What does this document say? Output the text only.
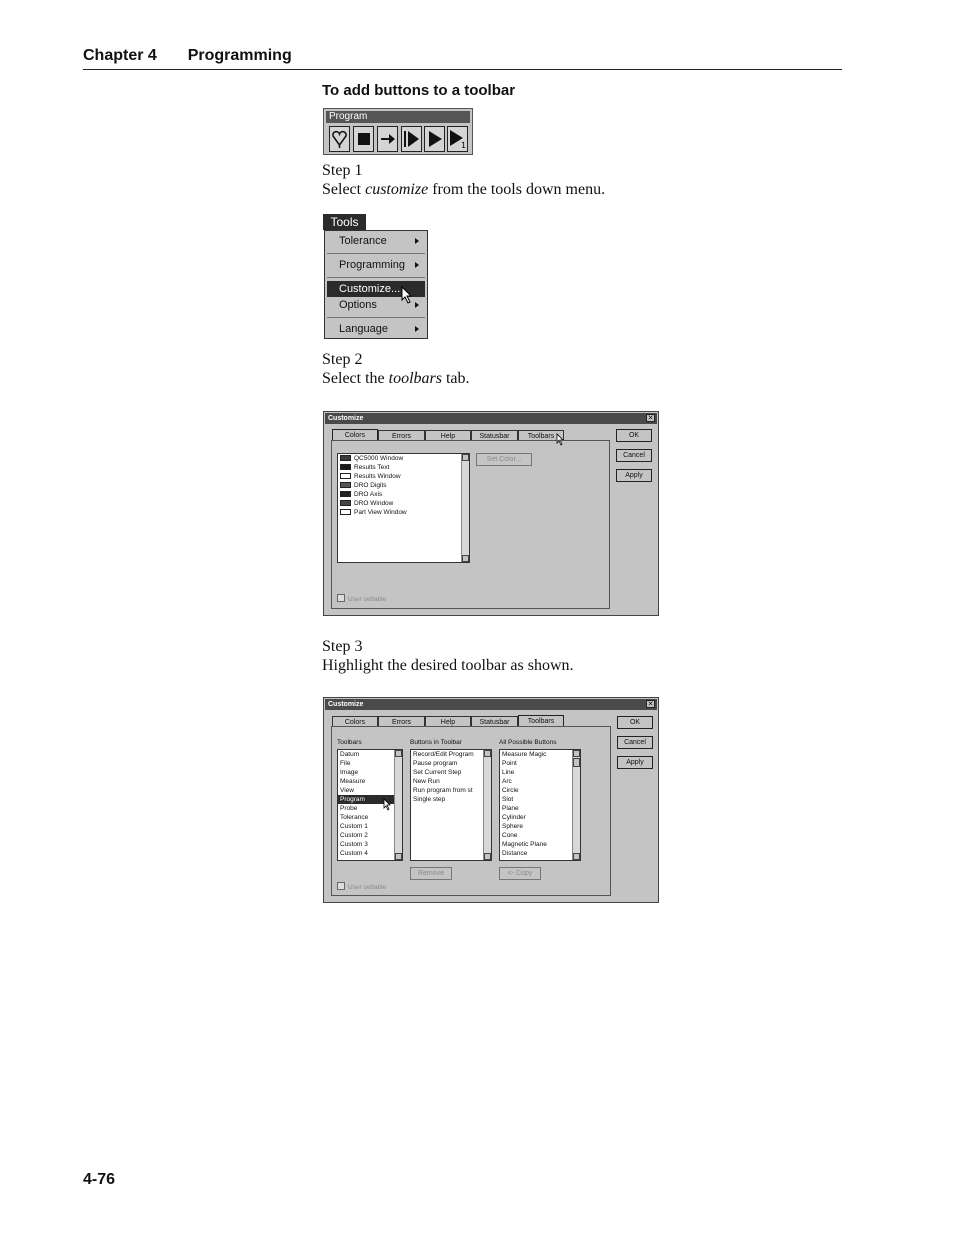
Chapter 4 Programming
To add buttons to a toolbar
Program
1
Step 1
Select customize from the tools down menu.
Tools
Tolerance
Programming
Customize...
Options
Language
Step 2
Select the toolbars tab.
Customize	✕
Colors	Errors	Help	Statusbar	Toolbars
QC5000 Window
Results Text
Results Window
DRO Digits
DRO Axis
DRO Window
Part View Window
Set Color...
User settable
OK
Cancel
Apply
Step 3
Highlight the desired toolbar as shown.
Customize	✕
Colors	Errors	Help	Statusbar	Toolbars
Toolbars	Buttons in Toolbar	All Possible Buttons
Datum
File
Image
Measure
View
Program
Probe
Tolerance
Custom 1
Custom 2
Custom 3
Custom 4
Record/Edit Program
Pause program
Set Current Step
New Run
Run program from st
Single step
Measure Magic
Point
Line
Arc
Circle
Slot
Plane
Cylinder
Sphere
Cone
Magnetic Plane
Distance
Remove	<- Copy
User settable
OK
Cancel
Apply
4-76
